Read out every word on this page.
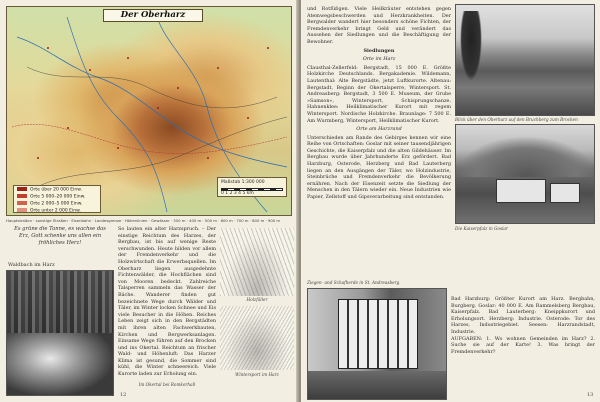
Der Oberharz
Orte über 20 000 Einw.
Orte 5 000–20 000 Einw.
Orte 2 000–5 000 Einw.
Orte unter 2 000 Einw.
Maßstab 1:300 000
0 1 2 3 4 5 km
Hauptstraßen · sonstige Straßen · Eisenbahn · Landesgrenze · Höhenlinien · Gewässer · 300 m · 400 m · 500 m · 600 m · 700 m · 800 m · 900 m
Es grüne die Tanne, es wachse das Erz, Gott schenke uns allen ein fröhliches Herz!
Waldbach im Harz
So lauten ein alter Harzspruch. – Der einstige Reichtum des Harzes, der Bergbau, ist bis auf wenige Reste verschwunden. Heute bilden vor allem der Fremdenverkehr und die Holzwirtschaft die Erwerbsquellen. Im Oberharz liegen ausgedehnte Fichtenwälder, die Hochflächen sind von Mooren bedeckt. Zahlreiche Talsperren sammeln das Wasser der Bäche. Wanderer finden gut bezeichnete Wege durch Wälder und Täler, im Winter locken Schnee und Eis viele Besucher in die Höhen. Reiches Leben zeigt sich in den Bergstädten mit ihren alten Fachwerkbauten, Kirchen und Bergwerksanlagen. Einsame Wege führen auf den Brocken und ins Okertal. Reichtum an frischer Wald- und Höhenluft: Das Harzer Klima ist gesund, die Sommer sind kühl, die Winter schneereich. Viele Kurorte laden zur Erholung ein.
Im Okertal bei Romkerhall
Holzfäller
Wintersport im Harz
12
und Rotfüßgen. Viele Heilkräuter entstehen gegen Atemwegsbeschwerden und Herzkrankheiten. Der Bergwalder wandert hier besonders schöne Fichten, der Fremdenverkehr bringt Geld und verändert das Aussehen der Siedlungen und die Beschäftigung der Bewohner.
Siedlungen
Orte im Harz
Clausthal-Zellerfeld: Bergstadt, 15 000 E. Größte Holzkirche Deutschlands. Bergakademie. Wildemann, Lautenthal: Alte Bergstädte, jetzt Luftkurorte. Altenau: Bergstadt, Beginn der Okertalsperre, Wintersport. St. Andreasberg: Bergstadt, 3 500 E. Museum, der Grube »Samson«, Wintersport, Schisprungschanze. Hahnenklee: Heilklimatischer Kurort mit regem Wintersport. Nordische Holzkirche. Braunlage: 7 500 E. Am Wurmberg, Wintersport, Heilklimatischer Kurort.
Orte am Harzrand
Unterschieden am Rande des Gebirges kennen wir eine Reihe von Ortschaften: Goslar mit seiner tausendjährigen Geschichte, die Kaiserpfalz und die alten Gildehäuser. Im Bergbau wurde über Jahrhunderte Erz gefördert. Bad Harzburg, Osterode, Herzberg und Bad Lauterberg liegen an den Ausgängen der Täler, wo Holzindustrie, Steinbrüche und Fremdenverkehr die Bevölkerung ernähren. Nach der Eisenzeit setzte die Siedlung der Menschen in den Tälern wieder ein. Neue Industrien wie Papier, Zellstoff und Gipsverarbeitung sind entstanden.
Blick über den Oberharz auf den Bruchberg zum Brocken
Die Kaiserpfalz in Goslar
Ziegen- und Schafherde in St. Andreasberg
Bad Harzburg: Größter Kurort am Harz. Bergbahn, Burgberg. Goslar: 40 000 E. Am Rammelsberg Bergbau, Kaiserpfalz. Bad Lauterberg: Kneippkurort und Erholungsort. Herzberg: Industrie. Osterode: Tor des Harzes, Industriegebiet. Seesen: Harzrandstadt, Industrie.
AUFGABEN: 1. Wo wohnen Gemeinden im Harz? 2. Suche sie auf der Karte! 3. Was bringt der Fremdenverkehr?
13
